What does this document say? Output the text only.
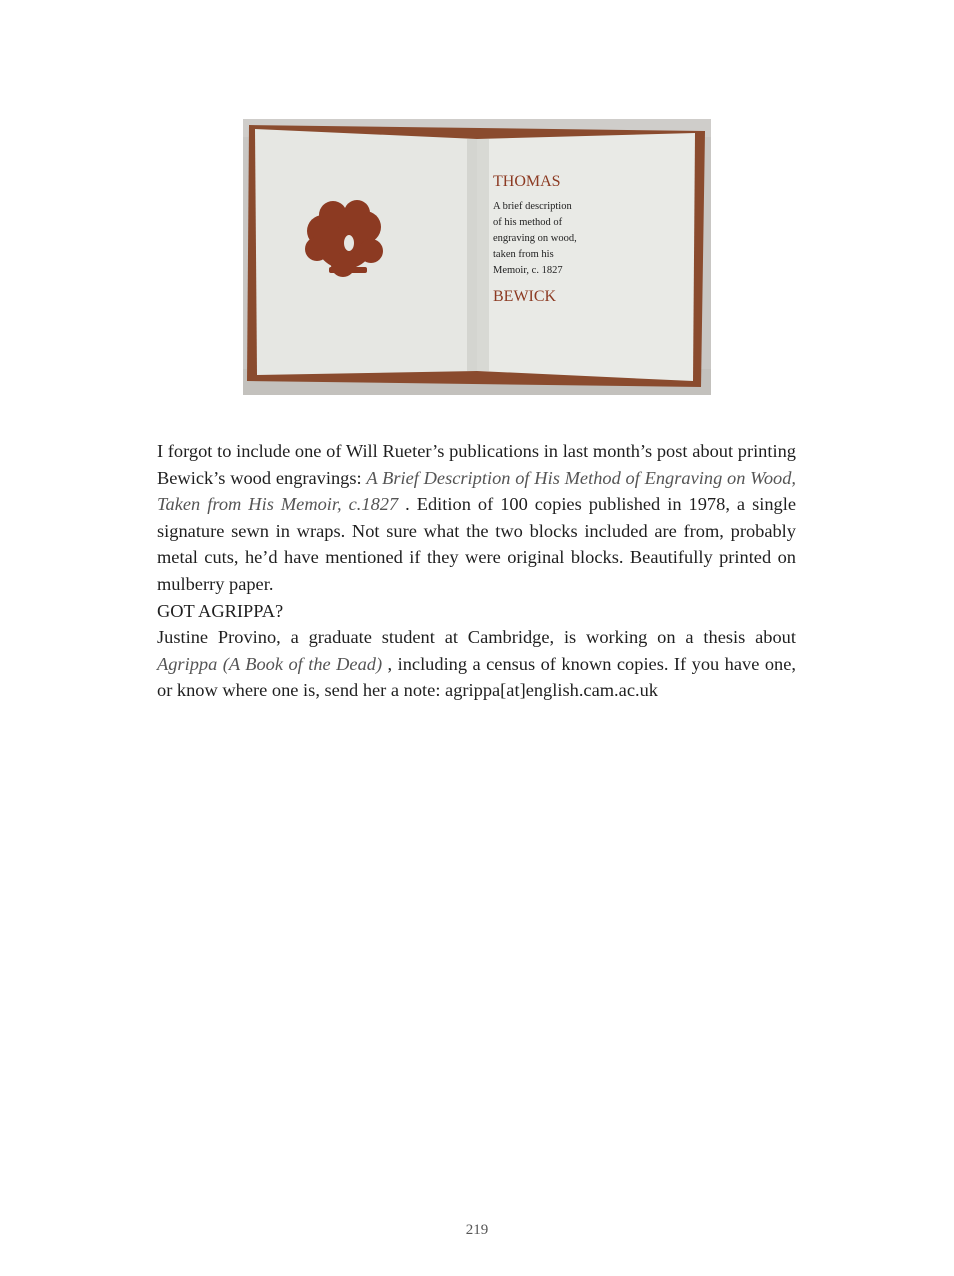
THOMAS
A brief description
of his method of
engraving on wood,
taken from his
Memoir, c. 1827
BEWICK

I forgot to include one of Will Rueter’s publications in last month’s post about printing Bewick’s wood engravings: A Brief Description of His Method of Engraving on Wood, Taken from His Memoir, c.1827 . Edition of 100 copies published in 1978, a single signature sewn in wraps. Not sure what the two blocks included are from, probably metal cuts, he’d have mentioned if they were original blocks. Beautifully printed on mulberry paper.

GOT AGRIPPA?

Justine Provino, a graduate student at Cambridge, is working on a thesis about Agrippa (A Book of the Dead) , including a census of known copies. If you have one, or know where one is, send her a note: agrippa[at]english.cam.ac.uk

219
